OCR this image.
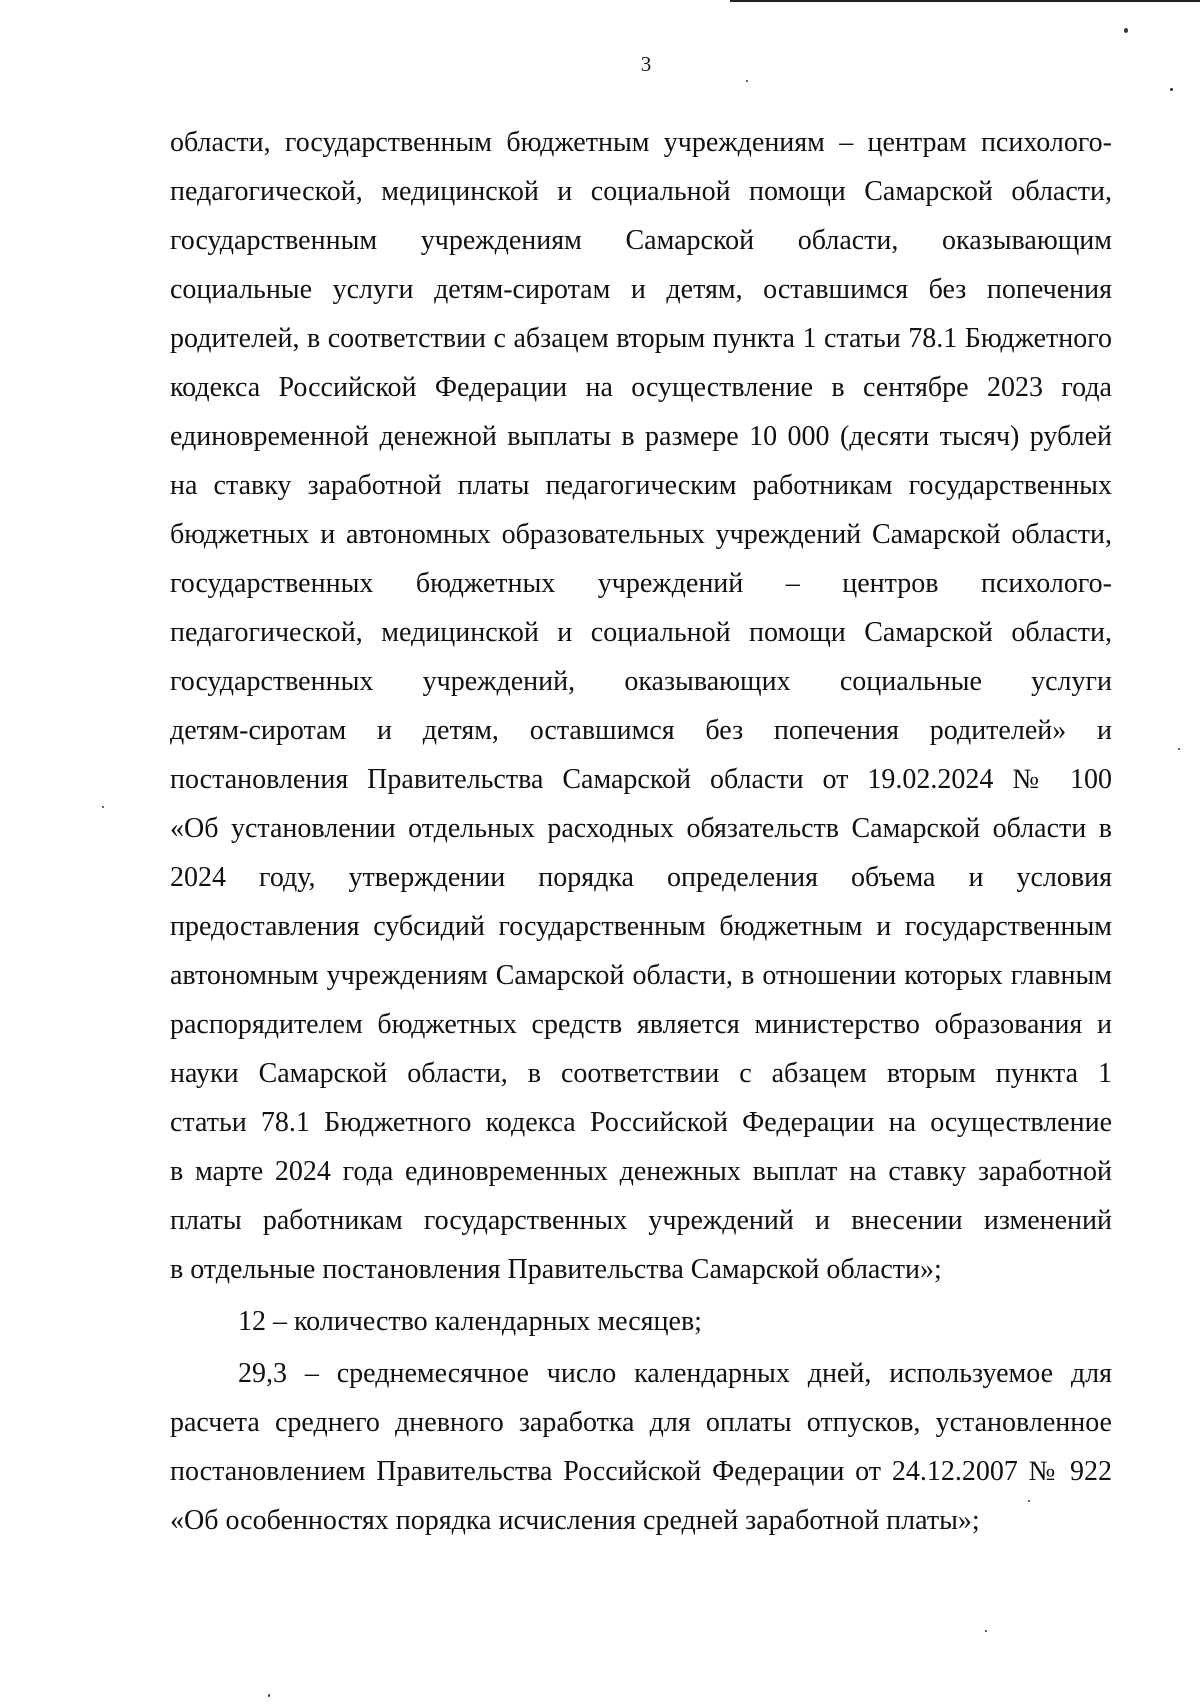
3
области, государственным бюджетным учреждениям – центрам психолого-
педагогической, медицинской и социальной помощи Самарской области,
государственным учреждениям Самарской области, оказывающим
социальные услуги детям-сиротам и детям, оставшимся без попечения
родителей, в соответствии с абзацем вторым пункта 1 статьи 78.1 Бюджетного
кодекса Российской Федерации на осуществление в сентябре 2023 года
единовременной денежной выплаты в размере 10 000 (десяти тысяч) рублей
на ставку заработной платы педагогическим работникам государственных
бюджетных и автономных образовательных учреждений Самарской области,
государственных бюджетных учреждений – центров психолого-
педагогической, медицинской и социальной помощи Самарской области,
государственных учреждений, оказывающих социальные услуги
детям-сиротам и детям, оставшимся без попечения родителей» и
постановления Правительства Самарской области от 19.02.2024 № 100
«Об установлении отдельных расходных обязательств Самарской области в
2024 году, утверждении порядка определения объема и условия
предоставления субсидий государственным бюджетным и государственным
автономным учреждениям Самарской области, в отношении которых главным
распорядителем бюджетных средств является министерство образования и
науки Самарской области, в соответствии с абзацем вторым пункта 1
статьи 78.1 Бюджетного кодекса Российской Федерации на осуществление
в марте 2024 года единовременных денежных выплат на ставку заработной
платы работникам государственных учреждений и внесении изменений
в отдельные постановления Правительства Самарской области»;
12 – количество календарных месяцев;
29,3 – среднемесячное число календарных дней, используемое для
расчета среднего дневного заработка для оплаты отпусков, установленное
постановлением Правительства Российской Федерации от 24.12.2007 № 922
«Об особенностях порядка исчисления средней заработной платы»;
